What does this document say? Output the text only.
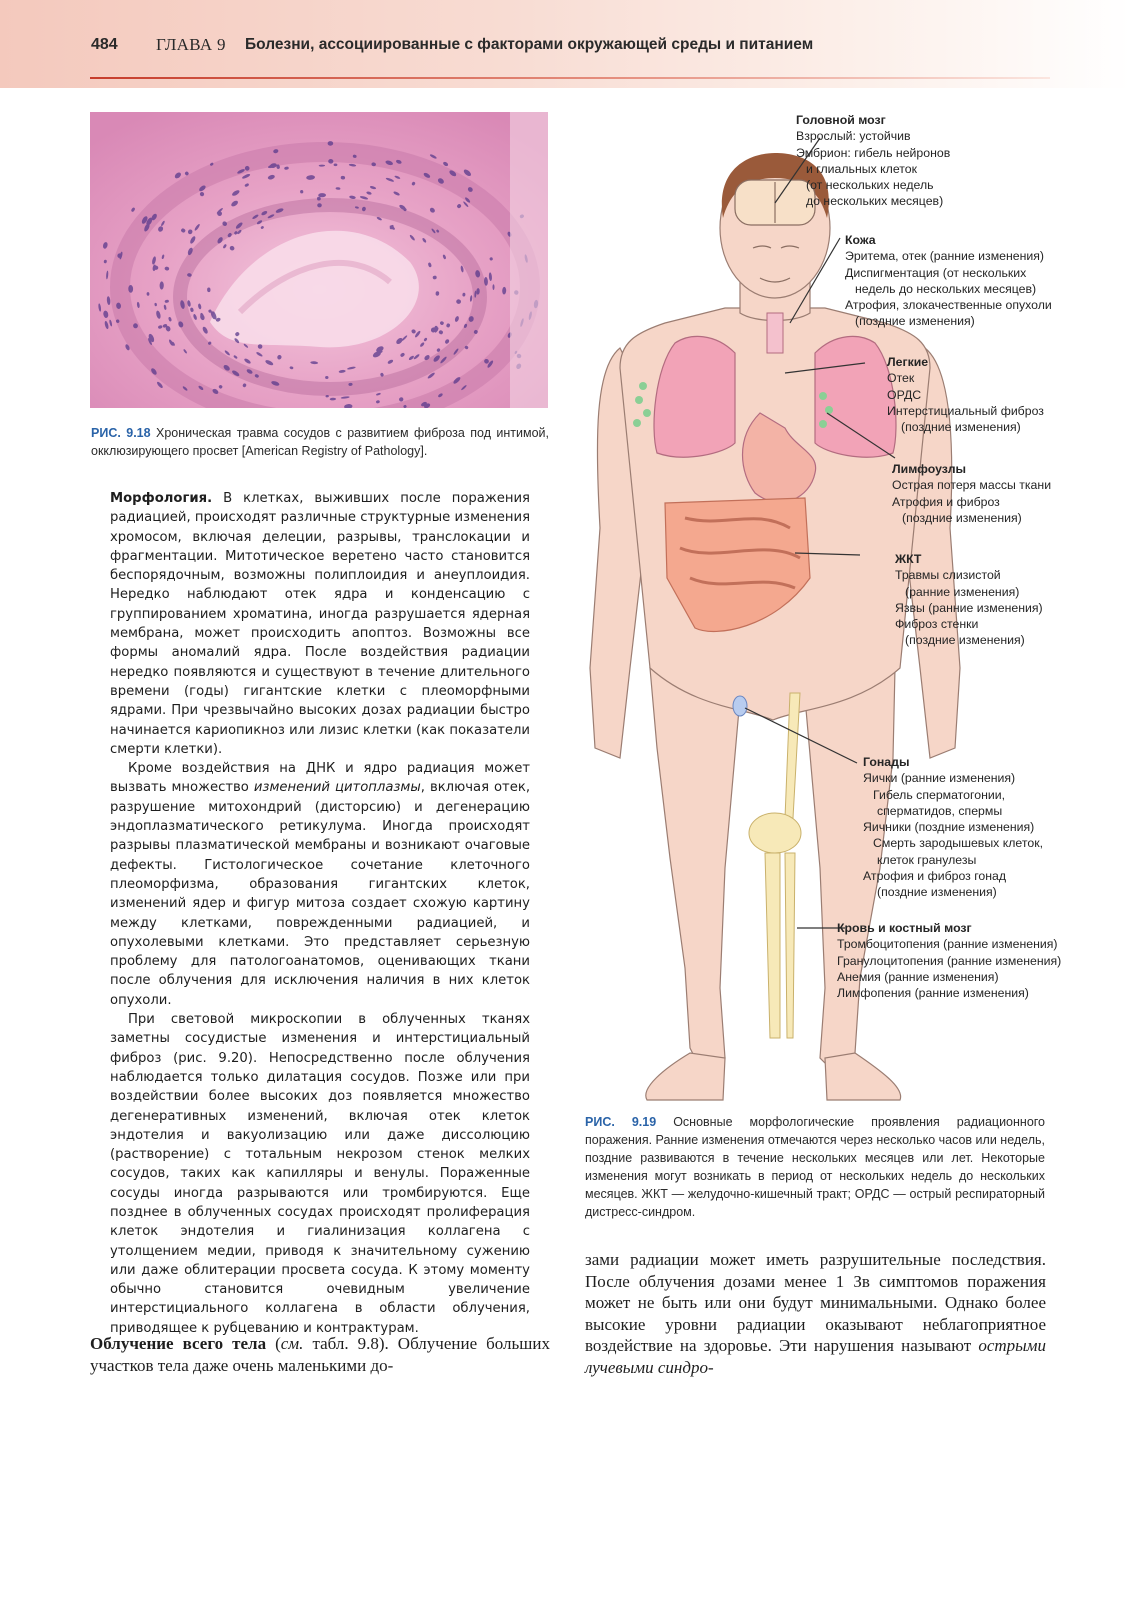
484 ГЛАВА 9 Болезни, ассоциированные с факторами окружающей среды и питанием
РИС. 9.18 Хроническая травма сосудов с развитием фиброза под интимой, окклюзирующего просвет [American Registry of Pathology].

Морфология. В клетках, выживших после поражения радиацией, происходят различные структурные изменения хромосом, включая делеции, разрывы, транслокации и фрагментации. Митотическое веретено часто становится беспорядочным, возможны полиплоидия и анеуплоидия. Нередко наблюдают отек ядра и конденсацию с группированием хроматина, иногда разрушается ядерная мембрана, может происходить апоптоз. Возможны все формы аномалий ядра. После воздействия радиации нередко появляются и существуют в течение длительного времени (годы) гигантские клетки с плеоморфными ядрами. При чрезвычайно высоких дозах радиации быстро начинается кариопикноз или лизис клетки (как показатели смерти клетки).

Кроме воздействия на ДНК и ядро радиация может вызвать множество изменений цитоплазмы, включая отек, разрушение митохондрий (дисторсию) и дегенерацию эндоплазматического ретикулума. Иногда происходят разрывы плазматической мембраны и возникают очаговые дефекты. Гистологическое сочетание клеточного плеоморфизма, образования гигантских клеток, изменений ядер и фигур митоза создает схожую картину между клетками, поврежденными радиацией, и опухолевыми клетками. Это представляет серьезную проблему для патологоанатомов, оценивающих ткани после облучения для исключения наличия в них клеток опухоли.

При световой микроскопии в облученных тканях заметны сосудистые изменения и интерстициальный фиброз (рис. 9.20). Непосредственно после облучения наблюдается только дилатация сосудов. Позже или при воздействии более высоких доз появляется множество дегенеративных изменений, включая отек клеток эндотелия и вакуолизацию или даже диссолюцию (растворение) с тотальным некрозом стенок мелких сосудов, таких как капилляры и венулы. Пораженные сосуды иногда разрываются или тромбируются. Еще позднее в облученных сосудах происходят пролиферация клеток эндотелия и гиалинизация коллагена с утолщением медии, приводя к значительному сужению или даже облитерации просвета сосуда. К этому моменту обычно становится очевидным увеличение интерстициального коллагена в области облучения, приводящее к рубцеванию и контрактурам.

Облучение всего тела (см. табл. 9.8). Облучение больших участков тела даже очень маленькими до-

зами радиации может иметь разрушительные последствия. После облучения дозами менее 1 Зв симптомов поражения может не быть или они будут минимальными. Однако более высокие уровни радиации оказывают неблагоприятное воздействие на здоровье. Эти нарушения называют острыми лучевыми синдро-

Головной мозг
Взрослый: устойчив
Эмбрион: гибель нейронов
и глиальных клеток
(от нескольких недель
до нескольких месяцев)
Кожа
Эритема, отек (ранние изменения)
Диспигментация (от нескольких
недель до нескольких месяцев)
Атрофия, злокачественные опухоли
(поздние изменения)
Легкие
Отек
ОРДС
Интерстициальный фиброз
(поздние изменения)
Лимфоузлы
Острая потеря массы ткани
Атрофия и фиброз
(поздние изменения)
ЖКТ
Травмы слизистой
(ранние изменения)
Язвы (ранние изменения)
Фиброз стенки
(поздние изменения)
Гонады
Яички (ранние изменения)
Гибель сперматогонии,
сперматидов, спермы
Яичники (поздние изменения)
Смерть зародышевых клеток,
клеток гранулезы
Атрофия и фиброз гонад
(поздние изменения)
Кровь и костный мозг
Тромбоцитопения (ранние изменения)
Гранулоцитопения (ранние изменения)
Анемия (ранние изменения)
Лимфопения (ранние изменения)
РИС. 9.19 Основные морфологические проявления радиационного поражения. Ранние изменения отмечаются через несколько часов или недель, поздние развиваются в течение нескольких месяцев или лет. Некоторые изменения могут возникать в период от нескольких недель до нескольких месяцев. ЖКТ — желудочно-кишечный тракт; ОРДС — острый респираторный дистресс-синдром.
